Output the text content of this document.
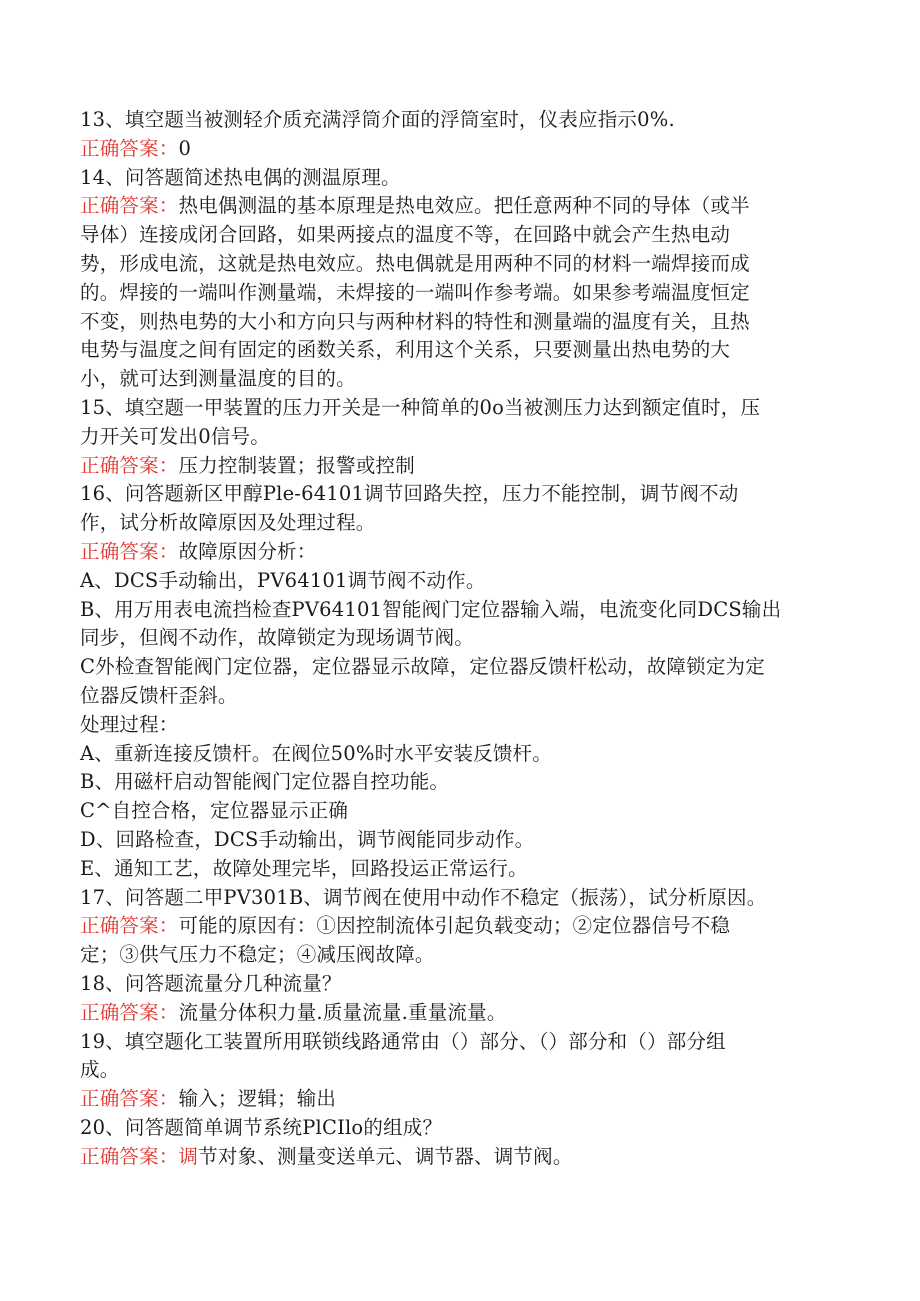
13、填空题当被测轻介质充满浮筒介面的浮筒室时，仪表应指示0%.
正确答案：0
14、问答题简述热电偶的测温原理。
正确答案：热电偶测温的基本原理是热电效应。把任意两种不同的导体（或半
导体）连接成闭合回路，如果两接点的温度不等，在回路中就会产生热电动
势，形成电流，这就是热电效应。热电偶就是用两种不同的材料一端焊接而成
的。焊接的一端叫作测量端，未焊接的一端叫作参考端。如果参考端温度恒定
不变，则热电势的大小和方向只与两种材料的特性和测量端的温度有关，且热
电势与温度之间有固定的函数关系，利用这个关系，只要测量出热电势的大
小，就可达到测量温度的目的。
15、填空题一甲装置的压力开关是一种简单的0o当被测压力达到额定值时，压
力开关可发出0信号。
正确答案：压力控制装置；报警或控制
16、问答题新区甲醇Ple-64101调节回路失控，压力不能控制，调节阀不动
作，试分析故障原因及处理过程。
正确答案：故障原因分析：
A、DCS手动输出，PV64101调节阀不动作。
B、用万用表电流挡检查PV64101智能阀门定位器输入端，电流变化同DCS输出
同步，但阀不动作，故障锁定为现场调节阀。
C外检查智能阀门定位器，定位器显示故障，定位器反馈杆松动，故障锁定为定
位器反馈杆歪斜。
处理过程：
A、重新连接反馈杆。在阀位50%时水平安装反馈杆。
B、用磁杆启动智能阀门定位器自控功能。
C^自控合格，定位器显示正确
D、回路检查，DCS手动输出，调节阀能同步动作。
E、通知工艺，故障处理完毕，回路投运正常运行。
17、问答题二甲PV301B、调节阀在使用中动作不稳定（振荡），试分析原因。
正确答案：可能的原因有：①因控制流体引起负载变动；②定位器信号不稳
定；③供气压力不稳定；④减压阀故障。
18、问答题流量分几种流量？
正确答案：流量分体积力量.质量流量.重量流量。
19、填空题化工装置所用联锁线路通常由（）部分、（）部分和（）部分组
成。
正确答案：输入；逻辑；输出
20、问答题简单调节系统PlCIlo的组成？
正确答案：调节对象、测量变送单元、调节器、调节阀。
